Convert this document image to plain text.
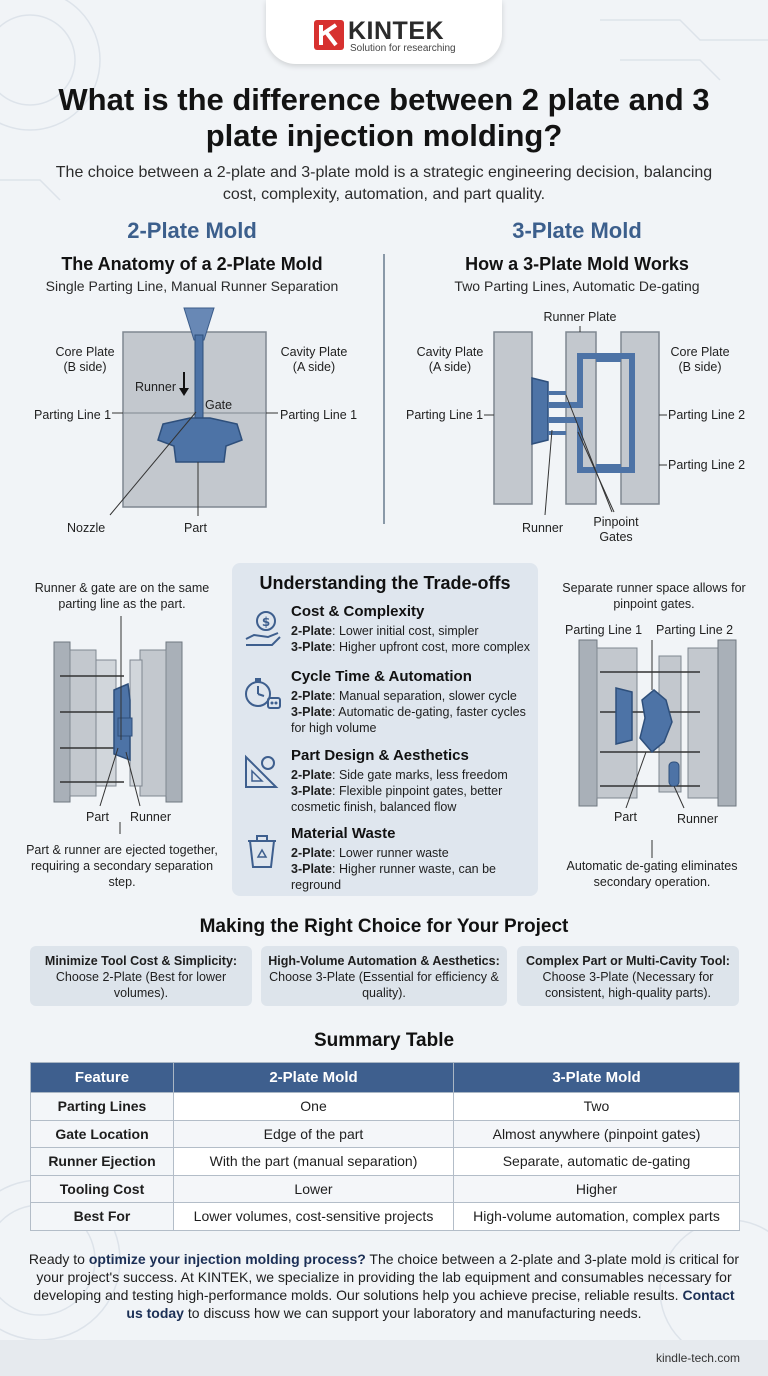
KINTEK
Solution for researching
What is the difference between 2 plate and 3 plate injection molding?
The choice between a 2-plate and 3-plate mold is a strategic engineering decision, balancing cost, complexity, automation, and part quality.
2-Plate Mold	3-Plate Mold
The Anatomy of a 2-Plate Mold
Single Parting Line, Manual Runner Separation
How a 3-Plate Mold Works
Two Parting Lines, Automatic De-gating
Core Plate
(B side)
Cavity Plate
(A side)
Runner
Gate
Parting Line 1	Parting Line 1
Nozzle	Part
Runner Plate
Cavity Plate
(A side)
Core Plate
(B side)
Parting Line 1	Parting Line 2
Parting Line 2
Runner	Pinpoint
Gates
Runner & gate are on the same parting line as the part.
Part Runner
Part & runner are ejected together, requiring a secondary separation step.
Separate runner space allows for pinpoint gates.
Parting Line 1 Parting Line 2
Part	Runner
Automatic de-gating eliminates secondary operation.
Understanding the Trade-offs
$
Cost & Complexity
2-Plate: Lower initial cost, simpler
3-Plate: Higher upfront cost, more complex
Cycle Time & Automation
2-Plate: Manual separation, slower cycle
3-Plate: Automatic de-gating, faster cycles for high volume
Part Design & Aesthetics
2-Plate: Side gate marks, less freedom
3-Plate: Flexible pinpoint gates, better cosmetic finish, balanced flow
Material Waste
2-Plate: Lower runner waste
3-Plate: Higher runner waste, can be reground
Making the Right Choice for Your Project
Minimize Tool Cost & Simplicity:
Choose 2-Plate (Best for lower volumes).
High-Volume Automation & Aesthetics:
Choose 3-Plate (Essential for efficiency & quality).
Complex Part or Multi-Cavity Tool:
Choose 3-Plate (Necessary for consistent, high-quality parts).
Summary Table
Feature	2-Plate Mold	3-Plate Mold
Parting Lines	One	Two
Gate Location	Edge of the part	Almost anywhere (pinpoint gates)
Runner Ejection	With the part (manual separation)	Separate, automatic de-gating
Tooling Cost	Lower	Higher
Best For	Lower volumes, cost-sensitive projects	High-volume automation, complex parts
Ready to optimize your injection molding process? The choice between a 2-plate and 3-plate mold is critical for your project's success. At KINTEK, we specialize in providing the lab equipment and consumables necessary for developing and testing high-performance molds. Our solutions help you achieve precise, reliable results. Contact us today to discuss how we can support your laboratory and manufacturing needs.
kindle-tech.com
